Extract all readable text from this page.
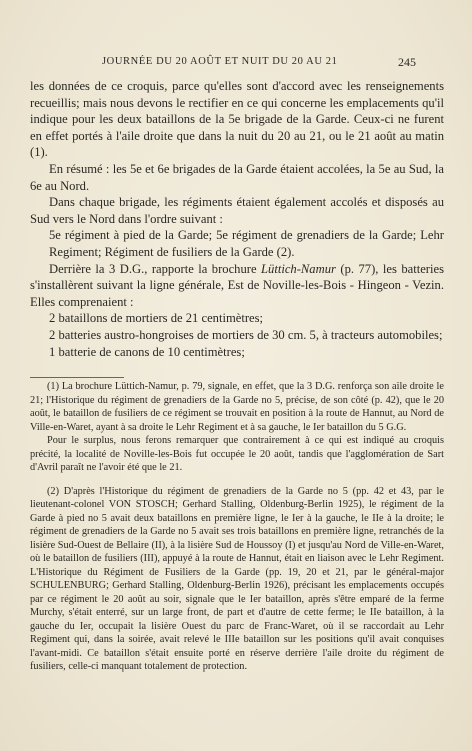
JOURNÉE DU 20 AOÛT ET NUIT DU 20 AU 21	245

les données de ce croquis, parce qu'elles sont d'accord avec les renseignements recueillis; mais nous devons le rectifier en ce qui concerne les emplacements qu'il indique pour les deux bataillons de la 5e brigade de la Garde. Ceux-ci ne furent en effet portés à l'aile droite que dans la nuit du 20 au 21, ou le 21 août au matin (1).

En résumé : les 5e et 6e brigades de la Garde étaient accolées, la 5e au Sud, la 6e au Nord.

Dans chaque brigade, les régiments étaient également accolés et disposés au Sud vers le Nord dans l'ordre suivant :

5e régiment à pied de la Garde; 5e régiment de grenadiers de la Garde; Lehr Regiment; Régiment de fusiliers de la Garde (2).

Derrière la 3 D.G., rapporte la brochure Lüttich-Namur (p. 77), les batteries s'installèrent suivant la ligne générale, Est de Noville-les-Bois - Hingeon - Vezin. Elles comprenaient :

2 bataillons de mortiers de 21 centimètres;

2 batteries austro-hongroises de mortiers de 30 cm. 5, à tracteurs automobiles;

1 batterie de canons de 10 centimètres;

(1) La brochure Lüttich-Namur, p. 79, signale, en effet, que la 3 D.G. renforça son aile droite le 21; l'Historique du régiment de grenadiers de la Garde no 5, précise, de son côté (p. 42), que le 20 août, le bataillon de fusiliers de ce régiment se trouvait en position à la route de Hannut, au Nord de Ville-en-Waret, ayant à sa droite le Lehr Regiment et à sa gauche, le Ier bataillon du 5 G.G.

Pour le surplus, nous ferons remarquer que contrairement à ce qui est indiqué au croquis précité, la localité de Noville-les-Bois fut occupée le 20 août, tandis que l'agglomération de Sart d'Avril paraît ne l'avoir été que le 21.

(2) D'après l'Historique du régiment de grenadiers de la Garde no 5 (pp. 42 et 43, par le lieutenant-colonel VON STOSCH; Gerhard Stalling, Oldenburg-Berlin 1925), le régiment de la Garde à pied no 5 avait deux bataillons en première ligne, le Ier à la gauche, le IIe à la droite; le régiment de grenadiers de la Garde no 5 avait ses trois bataillons en première ligne, retranchés de la lisière Sud-Ouest de Bellaire (II), à la lisière Sud de Houssoy (I) et jusqu'au Nord de Ville-en-Waret, où le bataillon de fusiliers (III), appuyé à la route de Hannut, était en liaison avec le Lehr Regiment. L'Historique du Régiment de Fusiliers de la Garde (pp. 19, 20 et 21, par le général-major SCHULENBURG; Gerhard Stalling, Oldenburg-Berlin 1926), précisant les emplacements occupés par ce régiment le 20 août au soir, signale que le Ier bataillon, après s'être emparé de la ferme Murchy, s'était enterré, sur un large front, de part et d'autre de cette ferme; le IIe bataillon, à la gauche du Ier, occupait la lisière Ouest du parc de Franc-Waret, où il se raccordait au Lehr Regiment qui, dans la soirée, avait relevé le IIIe bataillon sur les positions qu'il avait conquises l'avant-midi. Ce bataillon s'était ensuite porté en réserve derrière l'aile droite du régiment de fusiliers, celle-ci manquant totalement de protection.
